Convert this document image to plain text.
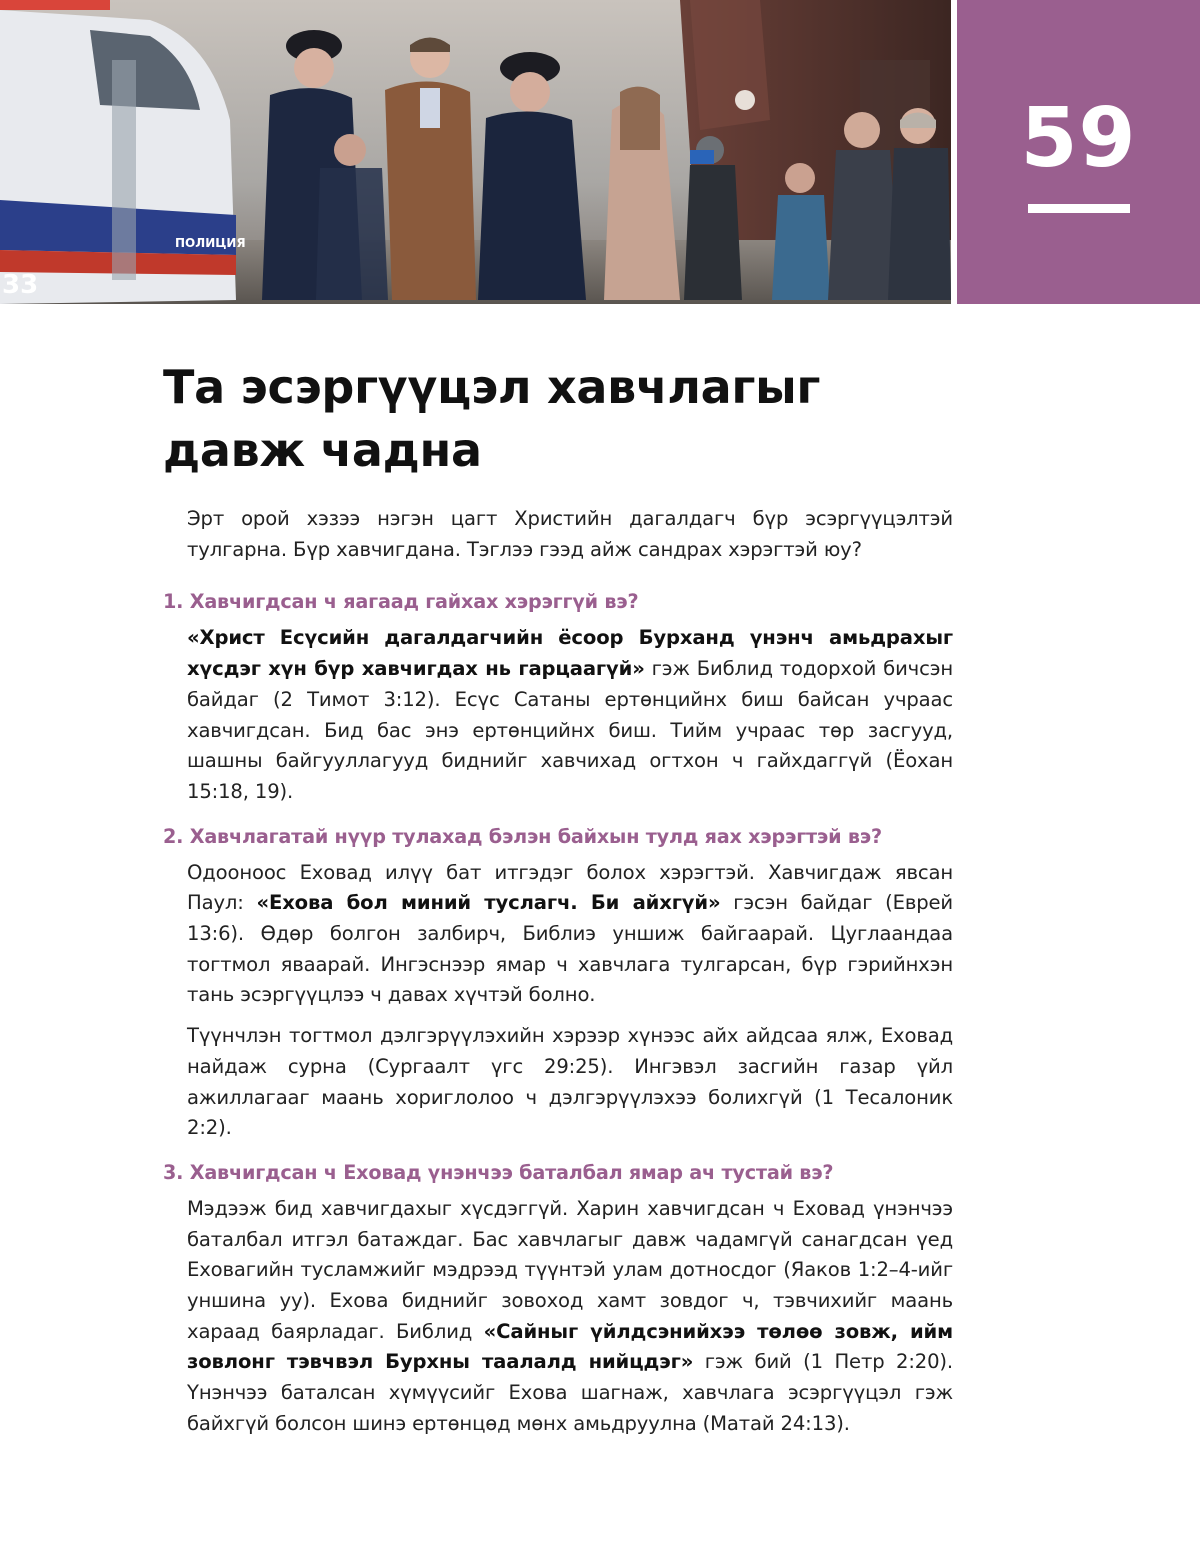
ПОЛИЦИЯ
33
59
Та эсэргүүцэл хавчлагыг
давж чадна

Эрт орой хэзээ нэгэн цагт Христийн дагалдагч бүр эсэргүүцэлтэй тулгарна. Бүр хавчигдана. Тэглээ гээд айж сандрах хэрэгтэй юу?

1. Хавчигдсан ч яагаад гайхах хэрэггүй вэ?

«Христ Есүсийн дагалдагчийн ёсоор Бурханд үнэнч амьдрахыг хүсдэг хүн бүр хавчигдах нь гарцаагүй» гэж Библид тодорхой бичсэн байдаг (2 Тимот 3:12). Есүс Сатаны ертөнцийнх биш байсан учраас хавчигдсан. Бид бас энэ ертөнцийнх биш. Тийм учраас төр засгууд, шашны байгууллагууд биднийг хавчихад огтхон ч гайхдаггүй (Ёохан 15:18, 19).

2. Хавчлагатай нүүр тулахад бэлэн байхын тулд яах хэрэгтэй вэ?

Одооноос Еховад илүү бат итгэдэг болох хэрэгтэй. Хавчигдаж явсан Паул: «Ехова бол миний туслагч. Би айхгүй» гэсэн байдаг (Еврей 13:6). Өдөр болгон залбирч, Библиэ уншиж байгаарай. Цуглаандаа тогтмол яваарай. Ингэснээр ямар ч хавчлага тулгарсан, бүр гэрийнхэн тань эсэргүүцлээ ч давах хүчтэй болно.

Түүнчлэн тогтмол дэлгэрүүлэхийн хэрээр хүнээс айх айдсаа ялж, Еховад найдаж сурна (Сургаалт үгс 29:25). Ингэвэл засгийн газар үйл ажиллагааг маань хориглолоо ч дэлгэрүүлэхээ болихгүй (1 Тесалоник 2:2).

3. Хавчигдсан ч Еховад үнэнчээ баталбал ямар ач тустай вэ?

Мэдээж бид хавчигдахыг хүсдэггүй. Харин хавчигдсан ч Еховад үнэнчээ баталбал итгэл батаждаг. Бас хавчлагыг давж чадамгүй санагдсан үед Еховагийн тусламжийг мэдрээд түүнтэй улам дотносдог (Яаков 1:2–4-ийг уншина уу). Ехова биднийг зовоход хамт зовдог ч, тэвчихийг маань хараад баярладаг. Библид «Сайныг үйлдсэнийхээ төлөө зовж, ийм зовлонг тэвчвэл Бурхны таалалд нийцдэг» гэж бий (1 Петр 2:20). Үнэнчээ баталсан хүмүүсийг Ехова шагнаж, хавчлага эсэргүүцэл гэж байхгүй болсон шинэ ертөнцөд мөнх амьдруулна (Матай 24:13).
